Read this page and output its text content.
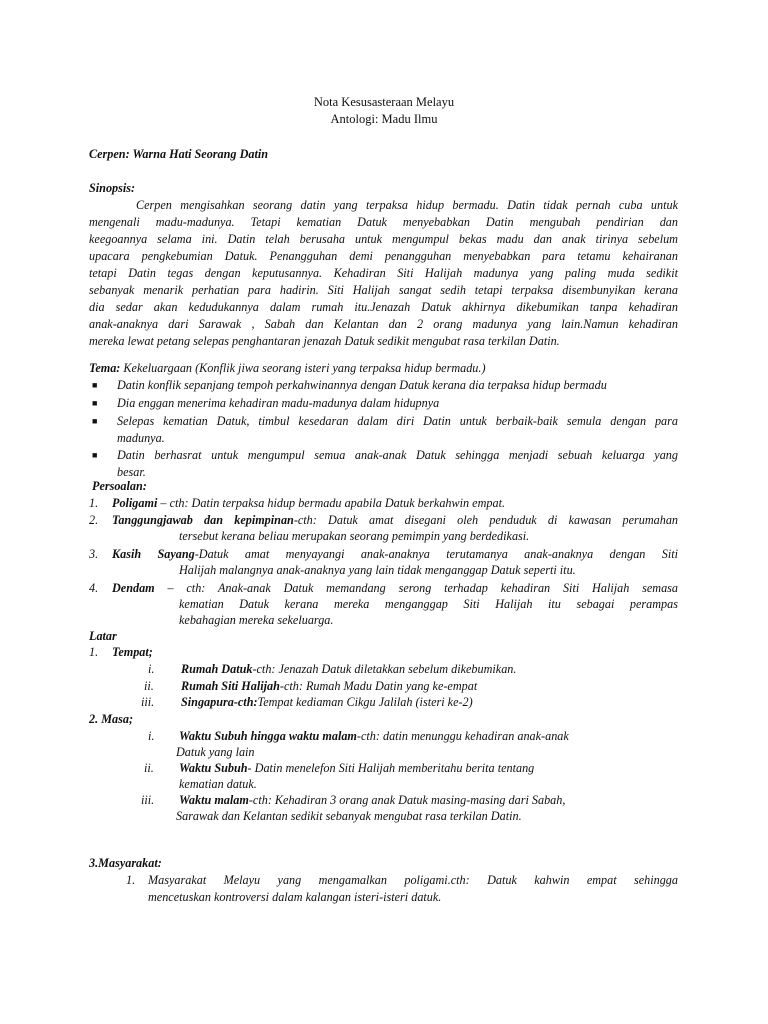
Nota Kesusasteraan Melayu
Antologi: Madu Ilmu
Cerpen: Warna Hati Seorang Datin
Sinopsis:
Cerpen mengisahkan seorang datin yang terpaksa hidup bermadu. Datin tidak pernah cuba untuk
mengenali madu-madunya. Tetapi kematian Datuk menyebabkan Datin mengubah pendirian dan
keegoannya selama ini. Datin telah berusaha untuk mengumpul bekas madu dan anak tirinya sebelum
upacara pengkebumian Datuk. Penangguhan demi penangguhan menyebabkan para tetamu kehairanan
tetapi Datin tegas dengan keputusannya. Kehadiran Siti Halijah madunya yang paling muda sedikit
sebanyak menarik perhatian para hadirin. Siti Halijah sangat sedih tetapi terpaksa disembunyikan kerana
dia sedar akan kedudukannya dalam rumah itu.Jenazah Datuk akhirnya dikebumikan tanpa kehadiran
anak-anaknya dari Sarawak , Sabah dan Kelantan dan 2 orang madunya yang lain.Namun kehadiran
mereka lewat petang selepas penghantaran jenazah Datuk sedikit mengubat rasa terkilan Datin.
Tema: Kekeluargaan (Konflik jiwa seorang isteri yang terpaksa hidup bermadu.)
■ Datin konflik sepanjang tempoh perkahwinannya dengan Datuk kerana dia terpaksa hidup bermadu
■ Dia enggan menerima kehadiran madu-madunya dalam hidupnya
■ Selepas kematian Datuk, timbul kesedaran dalam diri Datin untuk berbaik-baik semula dengan para
madunya.
■ Datin berhasrat untuk mengumpul semua anak-anak Datuk sehingga menjadi sebuah keluarga yang
besar.
Persoalan:
1. Poligami – cth: Datin terpaksa hidup bermadu apabila Datuk berkahwin empat.
2. Tanggungjawab dan kepimpinan-cth: Datuk amat disegani oleh penduduk di kawasan perumahan
tersebut kerana beliau merupakan seorang pemimpin yang berdedikasi.
3. Kasih Sayang-Datuk amat menyayangi anak-anaknya terutamanya anak-anaknya dengan Siti
Halijah malangnya anak-anaknya yang lain tidak menganggap Datuk seperti itu.
4. Dendam – cth: Anak-anak Datuk memandang serong terhadap kehadiran Siti Halijah semasa
kematian Datuk kerana mereka menganggap Siti Halijah itu sebagai perampas
kebahagian mereka sekeluarga.
Latar
1. Tempat;
i. Rumah Datuk-cth: Jenazah Datuk diletakkan sebelum dikebumikan.
ii. Rumah Siti Halijah-cth: Rumah Madu Datin yang ke-empat
iii. Singapura-cth:Tempat kediaman Cikgu Jalilah (isteri ke-2)
2. Masa;
i. Waktu Subuh hingga waktu malam-cth: datin menunggu kehadiran anak-anak
Datuk yang lain
ii. Waktu Subuh- Datin menelefon Siti Halijah memberitahu berita tentang
kematian datuk.
iii. Waktu malam-cth: Kehadiran 3 orang anak Datuk masing-masing dari Sabah,
Sarawak dan Kelantan sedikit sebanyak mengubat rasa terkilan Datin.
3.Masyarakat:
1. Masyarakat Melayu yang mengamalkan poligami.cth: Datuk kahwin empat sehingga
mencetuskan kontroversi dalam kalangan isteri-isteri datuk.
